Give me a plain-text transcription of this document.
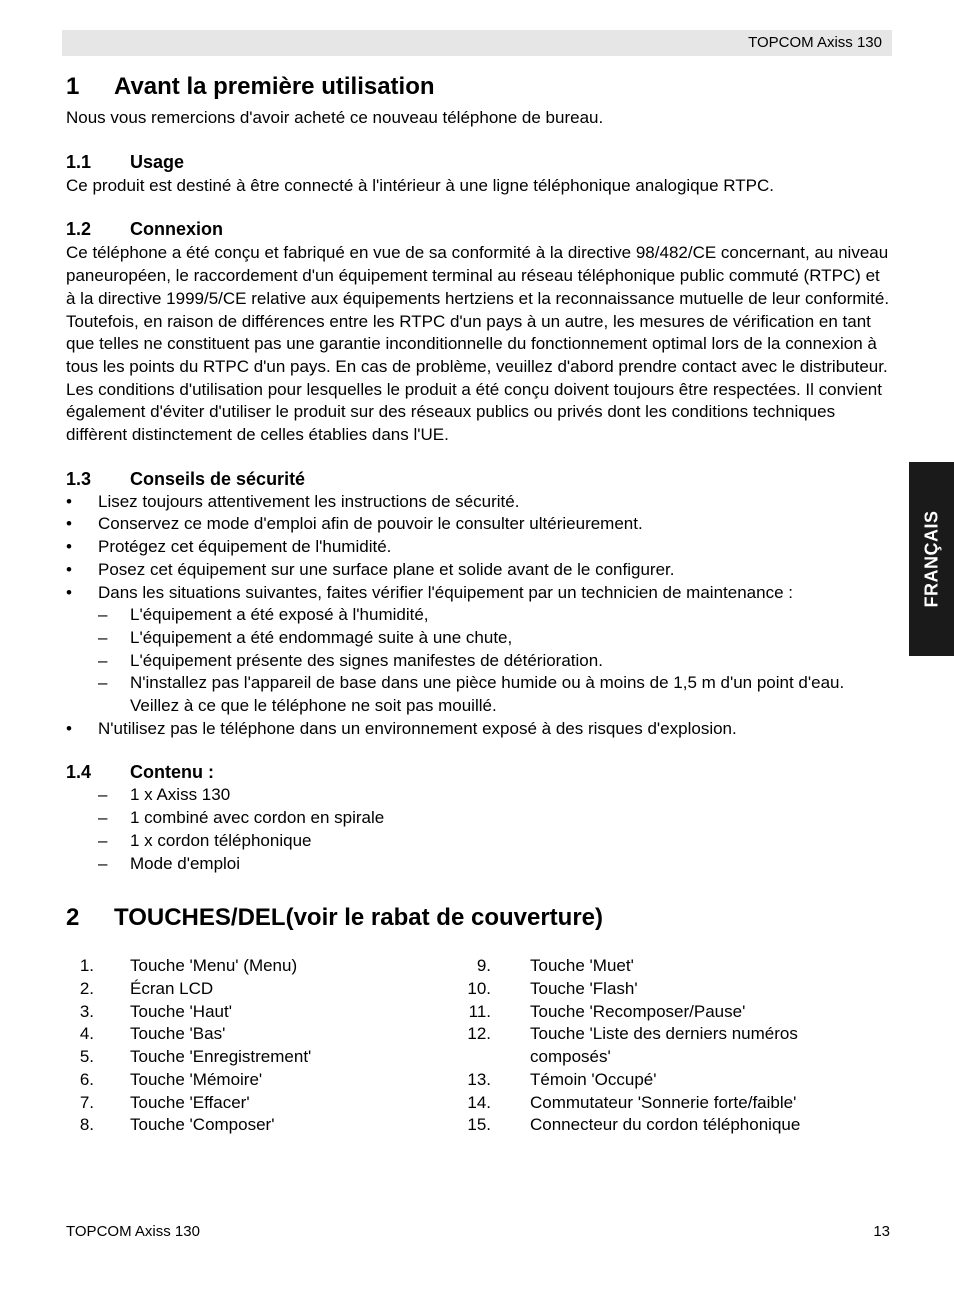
TOPCOM Axiss 130
FRANÇAIS
1	Avant la première utilisation

Nous vous remercions d'avoir acheté ce nouveau téléphone de bureau.

1.1	Usage

Ce produit est destiné à être connecté à l'intérieur à une ligne téléphonique analogique RTPC.

1.2	Connexion

Ce téléphone a été conçu et fabriqué en vue de sa conformité à la directive 98/482/CE concernant, au niveau paneuropéen, le raccordement d'un équipement terminal au réseau téléphonique public commuté (RTPC) et à la directive 1999/5/CE relative aux équipements hertziens et la reconnaissance mutuelle de leur conformité. Toutefois, en raison de différences entre les RTPC d'un pays à un autre, les mesures de vérification en tant que telles ne constituent pas une garantie inconditionnelle du fonctionnement optimal lors de la connexion à tous les points du RTPC d'un pays. En cas de problème, veuillez d'abord prendre contact avec le distributeur.

Les conditions d'utilisation pour lesquelles le produit a été conçu doivent toujours être respectées. Il convient également d'éviter d'utiliser le produit sur des réseaux publics ou privés dont les conditions techniques diffèrent distinctement de celles établies dans l'UE.

1.3	Conseils de sécurité
• Lisez toujours attentivement les instructions de sécurité.
• Conservez ce mode d'emploi afin de pouvoir le consulter ultérieurement.
• Protégez cet équipement de l'humidité.
• Posez cet équipement sur une surface plane et solide avant de le configurer.
• Dans les situations suivantes, faites vérifier l'équipement par un technicien de maintenance :
– L'équipement a été exposé à l'humidité,
– L'équipement a été endommagé suite à une chute,
– L'équipement présente des signes manifestes de détérioration.
– N'installez pas l'appareil de base dans une pièce humide ou à moins de 1,5 m d'un point d'eau. Veillez à ce que le téléphone ne soit pas mouillé.
• N'utilisez pas le téléphone dans un environnement exposé à des risques d'explosion.
1.4	Contenu :
– 1 x Axiss 130
– 1 combiné avec cordon en spirale
– 1 x cordon téléphonique
– Mode d'emploi
2	TOUCHES/DEL(voir le rabat de couverture)
1. Touche 'Menu' (Menu)
2. Écran LCD
3. Touche 'Haut'
4. Touche 'Bas'
5. Touche 'Enregistrement'
6. Touche 'Mémoire'
7. Touche 'Effacer'
8. Touche 'Composer'
9. Touche 'Muet'
10. Touche 'Flash'
11. Touche 'Recomposer/Pause'
12. Touche 'Liste des derniers numéros composés'
13. Témoin 'Occupé'
14. Commutateur 'Sonnerie forte/faible'
15. Connecteur du cordon téléphonique
TOPCOM Axiss 130	13
